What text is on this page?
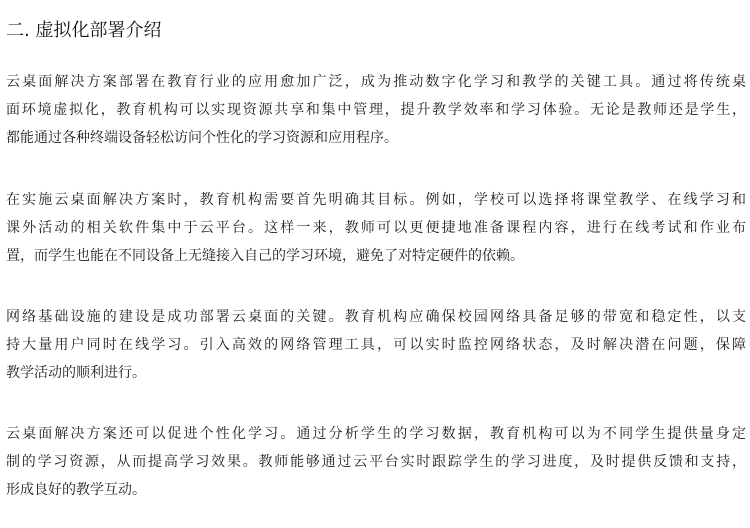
二. 虚拟化部署介绍
云桌面解决方案部署在教育行业的应用愈加广泛，成为推动数字化学习和教学的关键工具。通过将传统桌
面环境虚拟化，教育机构可以实现资源共享和集中管理，提升教学效率和学习体验。无论是教师还是学生，
都能通过各种终端设备轻松访问个性化的学习资源和应用程序。
在实施云桌面解决方案时，教育机构需要首先明确其目标。例如，学校可以选择将课堂教学、在线学习和
课外活动的相关软件集中于云平台。这样一来，教师可以更便捷地准备课程内容，进行在线考试和作业布
置，而学生也能在不同设备上无缝接入自己的学习环境，避免了对特定硬件的依赖。
网络基础设施的建设是成功部署云桌面的关键。教育机构应确保校园网络具备足够的带宽和稳定性，以支
持大量用户同时在线学习。引入高效的网络管理工具，可以实时监控网络状态，及时解决潜在问题，保障
教学活动的顺利进行。
云桌面解决方案还可以促进个性化学习。通过分析学生的学习数据，教育机构可以为不同学生提供量身定
制的学习资源，从而提高学习效果。教师能够通过云平台实时跟踪学生的学习进度，及时提供反馈和支持，
形成良好的教学互动。
